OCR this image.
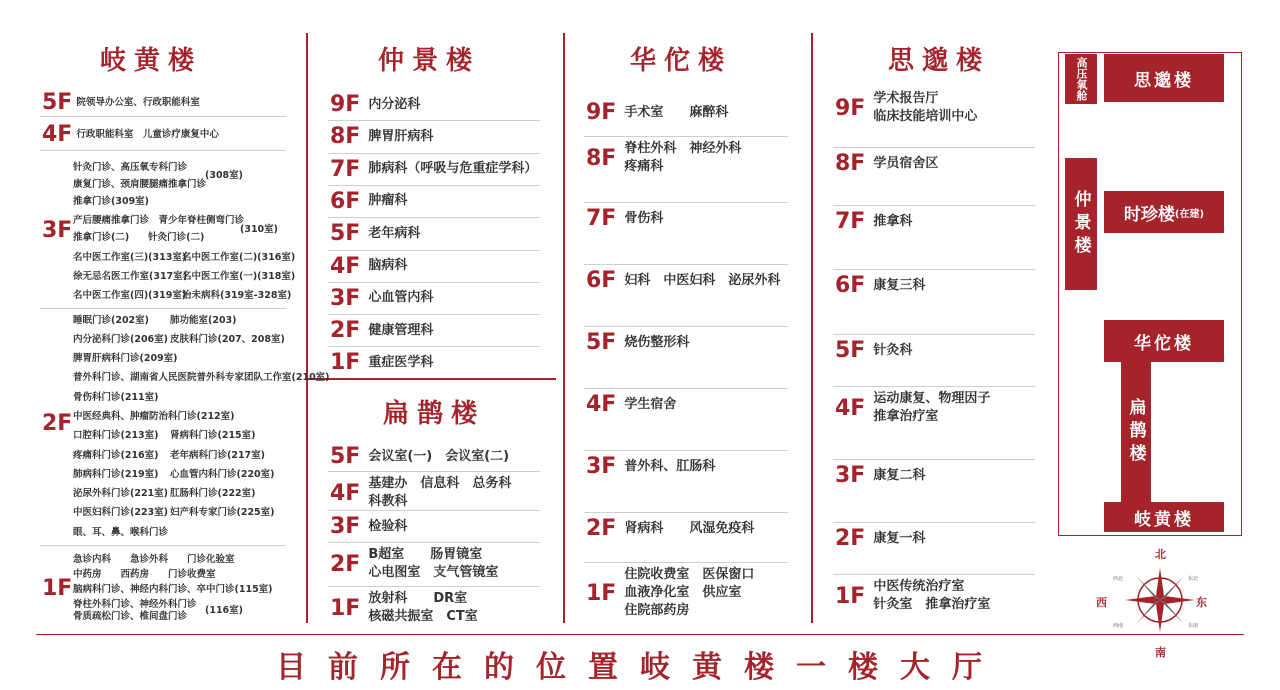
岐黄楼	仲景楼	华佗楼	思邈楼
扁鹊楼
5F 院领导办公室、行政职能科室
4F 行政职能科室　儿童诊疗康复中心
3F
针灸门诊、高压氧专科门诊
康复门诊、颈肩腰腿痛推拿门诊
(308室)
推拿门诊(309室)
产后腰痛推拿门诊　青少年脊柱侧弯门诊
推拿门诊(二)　　针灸门诊(二)
(310室)
名中医工作室(三)(313室)
名中医工作室(二)(316室)
徐无忌名医工作室(317室)
名中医工作室(一)(318室)
名中医工作室(四)(319室)
治未病科(319室-328室)
2F
睡眠门诊(202室) 肺功能室(203)
内分泌科门诊(206室) 皮肤科门诊(207、208室)
脾胃肝病科门诊(209室)
普外科门诊、湖南省人民医院普外科专家团队工作室(210室)
骨伤科门诊(211室)
中医经典科、肿瘤防治科门诊(212室)
口腔科门诊(213室) 肾病科门诊(215室)
疼痛科门诊(216室) 老年病科门诊(217室)
肺病科门诊(219室) 心血管内科门诊(220室)
泌尿外科门诊(221室) 肛肠科门诊(222室)
中医妇科门诊(223室) 妇产科专家门诊(225室)
眼、耳、鼻、喉科门诊
1F
急诊内科　　急诊外科　　门诊化验室
中药房　　西药房　　门诊收费室
脑病科门诊、神经内科门诊、卒中门诊(115室)
脊柱外科门诊、神经外科门诊
骨质疏松门诊、椎间盘门诊
(116室)
9F 内分泌科
8F 脾胃肝病科
7F 肺病科（呼吸与危重症学科）
6F 肿瘤科
5F 老年病科
4F 脑病科
3F 心血管内科
2F 健康管理科
1F 重症医学科
5F 会议室(一)　会议室(二)
4F 基建办　信息科　总务科
科教科
3F 检验科
2F B超室　　肠胃镜室
心电图室　支气管镜室
1F 放射科　　DR室
核磁共振室　CT室
9F 手术室　　麻醉科
8F 脊柱外科　神经外科
疼痛科
7F 骨伤科
6F 妇科　中医妇科　泌尿外科
5F 烧伤整形科
4F 学生宿舍
3F 普外科、肛肠科
2F 肾病科　　风湿免疫科
1F
住院收费室　医保窗口
血液净化室　供应室
住院部药房
9F 学术报告厅
临床技能培训中心
8F 学员宿舍区
7F 推拿科
6F 康复三科
5F 针灸科
4F 运动康复、物理因子
推拿治疗室
3F 康复二科
2F 康复一科
1F 中医传统治疗室
针灸室　推拿治疗室
高压氧舱	思邈楼
仲景楼	时珍楼 (在建)
华佗楼
扁鹊楼
岐黄楼
北
南
西	东
西北	东北
西南	东南
目前所在的位置岐黄楼一楼大厅
